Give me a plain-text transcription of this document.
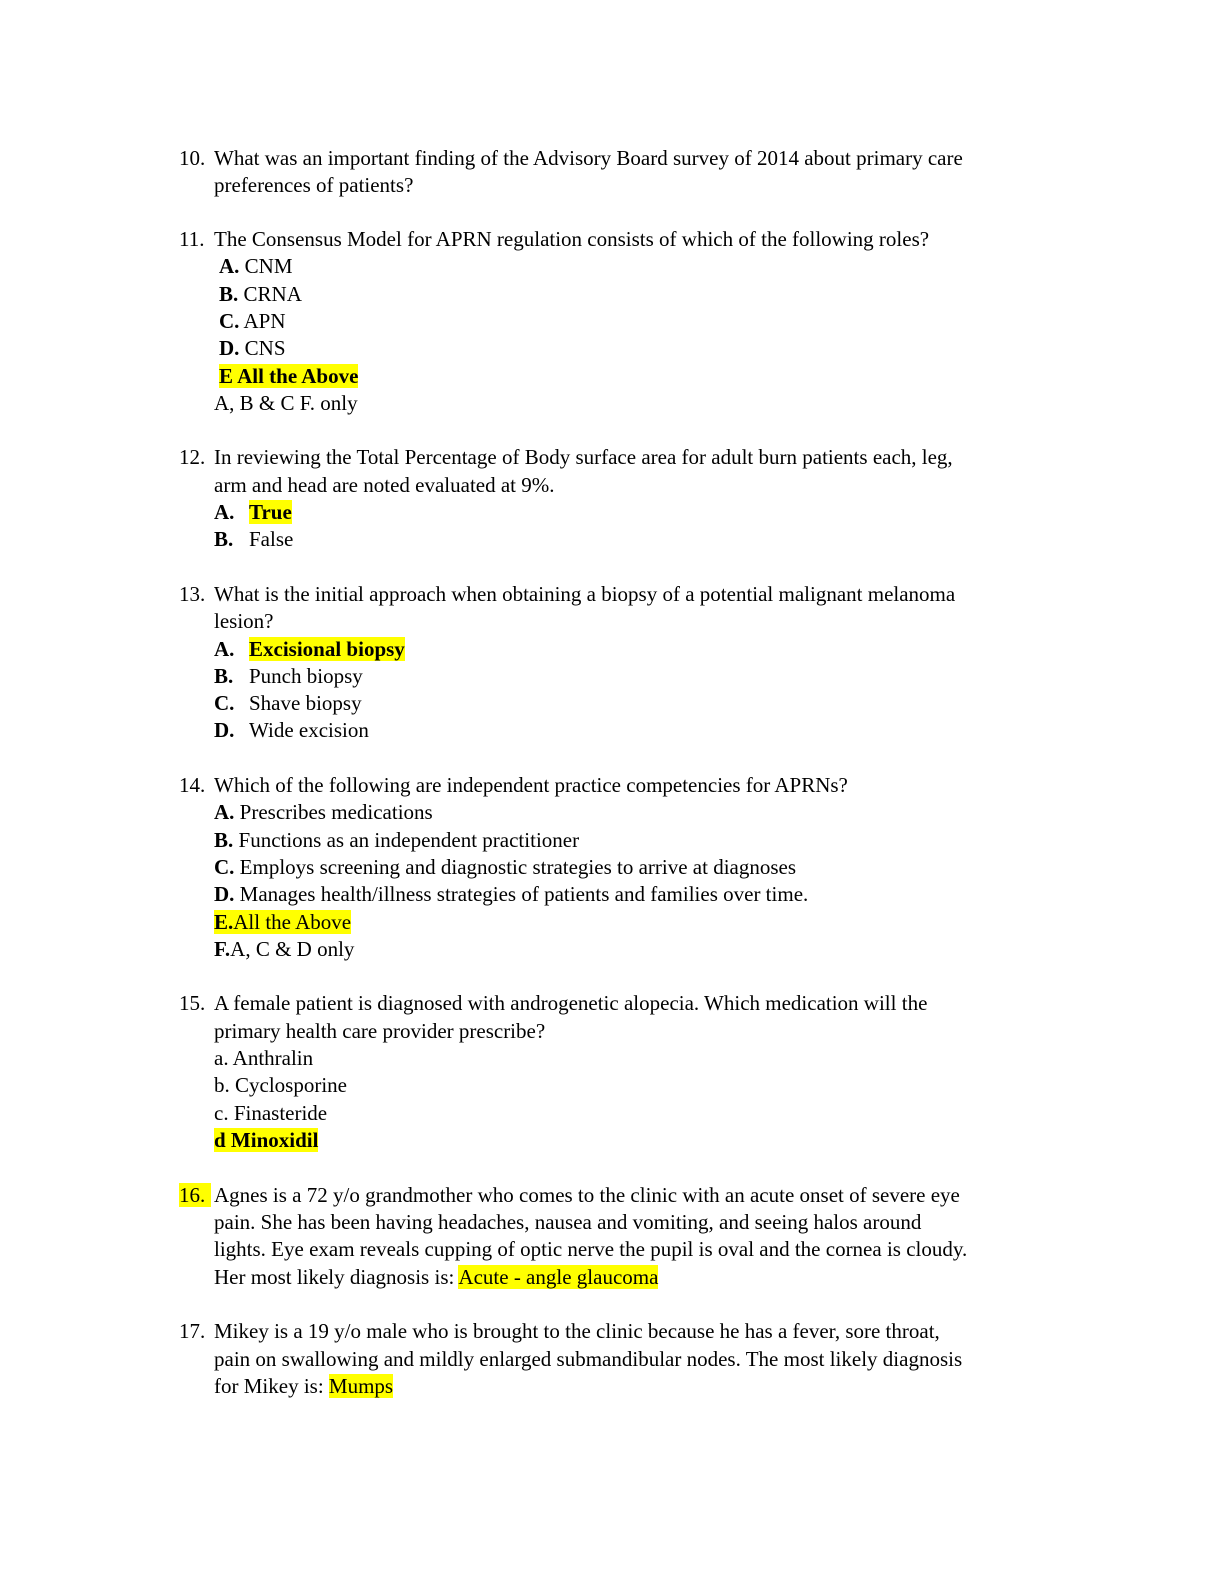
10. What was an important finding of the Advisory Board survey of 2014 about primary care
preferences of patients?
11. The Consensus Model for APRN regulation consists of which of the following roles?
A. CNM
B. CRNA
C. APN
D. CNS
E All the Above
A, B & C F. only
12. In reviewing the Total Percentage of Body surface area for adult burn patients each, leg,
arm and head are noted evaluated at 9%.
A. True
B. False
13. What is the initial approach when obtaining a biopsy of a potential malignant melanoma
lesion?
A. Excisional biopsy
B. Punch biopsy
C. Shave biopsy
D. Wide excision
14. Which of the following are independent practice competencies for APRNs?
A. Prescribes medications
B. Functions as an independent practitioner
C. Employs screening and diagnostic strategies to arrive at diagnoses
D. Manages health/illness strategies of patients and families over time.
E.All the Above
F.A, C & D only
15. A female patient is diagnosed with androgenetic alopecia. Which medication will the
primary health care provider prescribe?
a. Anthralin
b. Cyclosporine
c. Finasteride
d Minoxidil
16. Agnes is a 72 y/o grandmother who comes to the clinic with an acute onset of severe eye
pain. She has been having headaches, nausea and vomiting, and seeing halos around
lights. Eye exam reveals cupping of optic nerve the pupil is oval and the cornea is cloudy.
Her most likely diagnosis is: Acute - angle glaucoma
17. Mikey is a 19 y/o male who is brought to the clinic because he has a fever, sore throat,
pain on swallowing and mildly enlarged submandibular nodes. The most likely diagnosis
for Mikey is: Mumps
